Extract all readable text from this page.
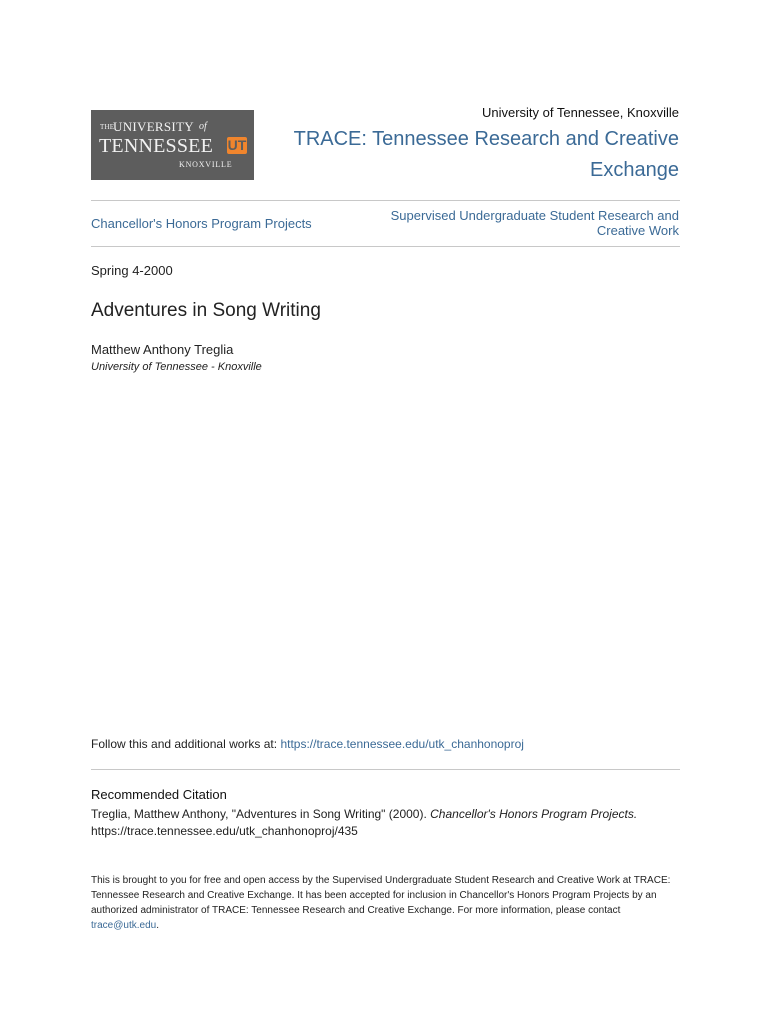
THE
UNIVERSITY of
TENNESSEE UT
KNOXVILLE
University of Tennessee, Knoxville
TRACE: Tennessee Research and Creative Exchange
Chancellor's Honors Program Projects
Supervised Undergraduate Student Research and Creative Work
Spring 4-2000
Adventures in Song Writing
Matthew Anthony Treglia
University of Tennessee - Knoxville
Follow this and additional works at: https://trace.tennessee.edu/utk_chanhonoproj
Recommended Citation
Treglia, Matthew Anthony, "Adventures in Song Writing" (2000). Chancellor's Honors Program Projects.
https://trace.tennessee.edu/utk_chanhonoproj/435
This is brought to you for free and open access by the Supervised Undergraduate Student Research and Creative Work at TRACE: Tennessee Research and Creative Exchange. It has been accepted for inclusion in Chancellor's Honors Program Projects by an authorized administrator of TRACE: Tennessee Research and Creative Exchange. For more information, please contact trace@utk.edu.
